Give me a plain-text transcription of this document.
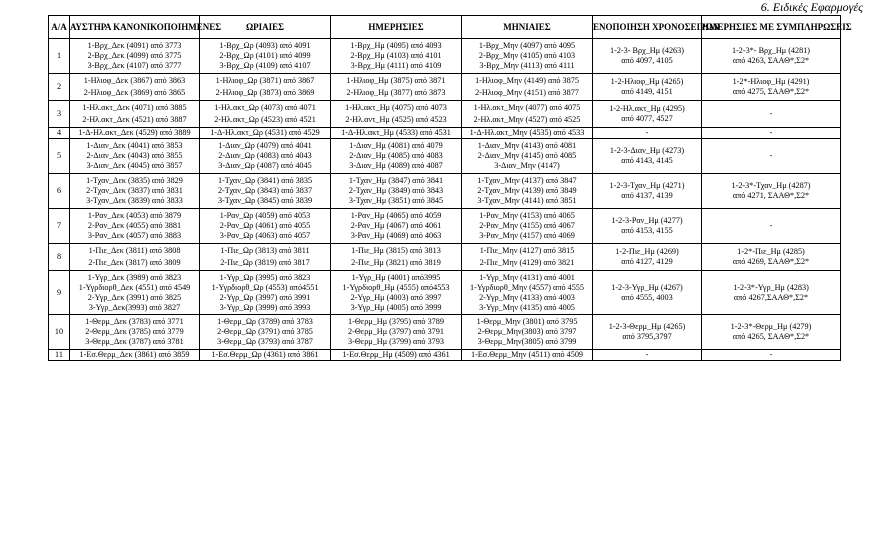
6. Ειδικές Εφαρμογές
Α/Α	ΑΥΣΤΗΡΑ ΚΑΝΟΝΙΚΟΠΟΙΗΜΕΝΕΣ	ΩΡΙΑΙΕΣ	ΗΜΕΡΗΣΙΕΣ	ΜΗΝΙΑΙΕΣ	ΕΝΟΠΟΙΗΣΗ ΧΡΟΝΟΣΕΙΡΩΝ	ΗΜΕΡΗΣΙΕΣ ΜΕ ΣΥΜΠΛΗΡΩΣΕΙΣ
1	1-Βρχ_Δεκ (4091) από 3773
2-Βρχ_Δεκ (4099) από 3775
3-Βρχ_Δεκ (4107) από 3777	1-Βρχ_Ωρ (4093) από 4091
2-Βρχ_Ωρ (4101) από 4099
3-Βρχ_Ωρ (4109) από 4107	1-Βρχ_Ημ (4095) από 4093
2-Βρχ_Ημ (4103) από 4101
3-Βρχ_Ημ (4111) από 4109	1-Βρχ_Μην (4097) από 4095
2-Βρχ_Μην (4105) από 4103
3-Βρχ_Μην (4113) από 4111	1-2-3- Βρχ_Ημ (4263)
από 4097, 4105	1-2-3*- Βρχ_Ημ (4281)
από 4263, ΣΑΑΘ*,Σ2*

2	1-Ηλιοφ_Δεκ (3867) από 3863
2-Ηλιοφ_Δεκ (3869) από 3865	1-Ηλιοφ_Ωρ (3871) από 3867
2-Ηλιοφ_Ωρ (3873) από 3869	1-Ηλιοφ_Ημ (3875) από 3871
2-Ηλιοφ_Ημ (3877) από 3873	1-Ηλιοφ_Μην (4149) από 3875
2-Ηλιοφ_Μην (4151) από 3877	1-2-Ηλιοφ_Ημ (4265)
από 4149, 4151	1-2*-Ηλιοφ_Ημ (4291)
από 4275, ΣΑΑΘ*,Σ2*

3	1-Ηλ.ακτ_Δεκ (4071) από 3885
2-Ηλ.ακτ_Δεκ (4521) από 3887	1-Ηλ.ακτ_Ωρ (4073) από 4071
2-Ηλ.ακτ_Ωρ (4523) από 4521	1-Ηλ.ακτ_Ημ (4075) από 4073
2-Ηλ.αντ_Ημ (4525) από 4523	1-Ηλ.ακτ_Μην (4077) από 4075
2-Ηλ.ακτ_Μην (4527) από 4525	1-2-Ηλ.ακτ_Ημ (4295)
από 4077, 4527	-

4	1-Δ-Ηλ.ακτ_Δεκ (4529) από 3889	1-Δ-Ηλ.ακτ_Ωρ (4531) από 4529	1-Δ-Ηλ.ακτ_Ημ (4533) από 4531	1-Δ-Ηλ.ακτ_Μην (4535) από 4533	-	-

5	1-Διαν_Δεκ (4041) από 3853
2-Διαν_Δεκ (4043) από 3855
3-Διαν_Δεκ (4045) από 3857	1-Διαν_Ωρ (4079) από 4041
2-Διαν_Ωρ (4083) από 4043
3-Διαν_Ωρ (4087) από 4045	1-Διαν_Ημ (4081) από 4079
2-Διαν_Ημ (4085) από 4083
3-Διαν_Ημ (4089) από 4087	1-Διαν_Μην (4143) από 4081
2-Διαν_Μην (4145) από 4085
3-Διαν_Μην (4147)	1-2-3-Διαν_Ημ (4273)
από 4143, 4145	-

6	1-Τχαν_Δεκ (3835) από 3829
2-Τχαν_Δεκ (3837) από 3831
3-Τχαν_Δεκ (3839) από 3833	1-Τχαν_Ωρ (3841) από 3835
2-Τχαν_Ωρ (3843) από 3837
3-Τχαν_Ωρ (3845) από 3839	1-Τχαν_Ημ (3847) από 3841
2-Τχαν_Ημ (3849) από 3843
3-Τχαν_Ημ (3851) από 3845	1-Τχαν_Μην (4137) από 3847
2-Τχαν_Μην (4139) από 3849
3-Τχαν_Μην (4141) από 3851	1-2-3-Τχαν_Ημ (4271)
από 4137, 4139	1-2-3*-Τχαν_Ημ (4287)
από 4271, ΣΑΑΘ*,Σ2*

7	1-Ραν_Δεκ (4053) από 3879
2-Ραν_Δεκ (4055) από 3881
3-Ραν_Δεκ (4057) από 3883	1-Ραν_Ωρ (4059) από 4053
2-Ραν_Ωρ (4061) από 4055
3-Ραν_Ωρ (4063) από 4057	1-Ραν_Ημ (4065) από 4059
2-Ραν_Ημ (4067) από 4061
3-Ραν_Ημ (4069) από 4063	1-Ραν_Μην (4153) από 4065
2-Ραν_Μην (4155) από 4067
3-Ραν_Μην (4157) από 4069	1-2-3-Ραν_Ημ (4277)
από 4153, 4155	-

8	1-Πιε_Δεκ (3811) από 3808
2-Πιε_Δεκ (3817) από 3809	1-Πιε_Ωρ (3813) από 3811
2-Πιε_Ωρ (3819) από 3817	1-Πιε_Ημ (3815) από 3813
2-Πιε_Ημ (3821) από 3819	1-Πιε_Μην (4127) από 3815
2-Πιε_Μην (4129) από 3821	1-2-Πιε_Ημ (4269)
από 4127, 4129	1-2*-Πιε_Ημ (4285)
από 4269, ΣΑΑΘ*,Σ2*

9	1-Υγρ_Δεκ (3989) από 3823
1-Υγρδιορθ_Δεκ (4551) από 4549
2-Υγρ_Δεκ (3991) από 3825
3-Υγρ_Δεκ(3993) από 3827	1-Υγρ_Ωρ (3995) από 3823
1-Υγρδιορθ_Ωρ (4553) από4551
2-Υγρ_Ωρ (3997) από 3991
3-Υγρ_Ωρ (3999) από 3993	1-Υγρ_Ημ (4001) από3995
1-Υγρδιορθ_Ημ (4555) από4553
2-Υγρ_Ημ (4003) από 3997
3-Υγρ_Ημ (4005) από 3999	1-Υγρ_Μην (4131) από 4001
1-Υγρδιορθ_Μην (4557) από 4555
2-Υγρ_Μην (4133) από 4003
3-Υγρ_Μην (4135) από 4005	1-2-3-Υγρ_Ημ (4267)
από 4555, 4003	1-2-3*-Υγρ_Ημ (4283)
από 4267,ΣΑΑΘ*,Σ2*

10	1-Θερμ_Δεκ (3783) από 3771
2-Θερμ_Δεκ (3785) από 3779
3-Θερμ_Δεκ (3787) από 3781	1-Θερμ_Ωρ (3789) από 3783
2-Θερμ_Ωρ (3791) από 3785
3-Θερμ_Ωρ (3793) από 3787	1-Θερμ_Ημ (3795) από 3789
2-Θερμ_Ημ (3797) από 3791
3-Θερμ_Ημ (3799) από 3793	1-Θερμ_Μην (3801) από 3795
2-Θερμ_Μην(3803) από 3797
3-Θερμ_Μην(3805) από 3799	1-2-3-Θερμ_Ημ (4265)
από 3795,3797	1-2-3*-Θερμ_Ημ (4279)
από 4265, ΣΑΑΘ*,Σ2*

11	1-Εσ.Θερμ_Δεκ (3861) από 3859	1-Εσ.Θερμ_Ωρ (4361) από 3861	1-Εσ.Θερμ_Ημ (4509) από 4361	1-Εσ.Θερμ_Μην (4511) από 4509	-	-
